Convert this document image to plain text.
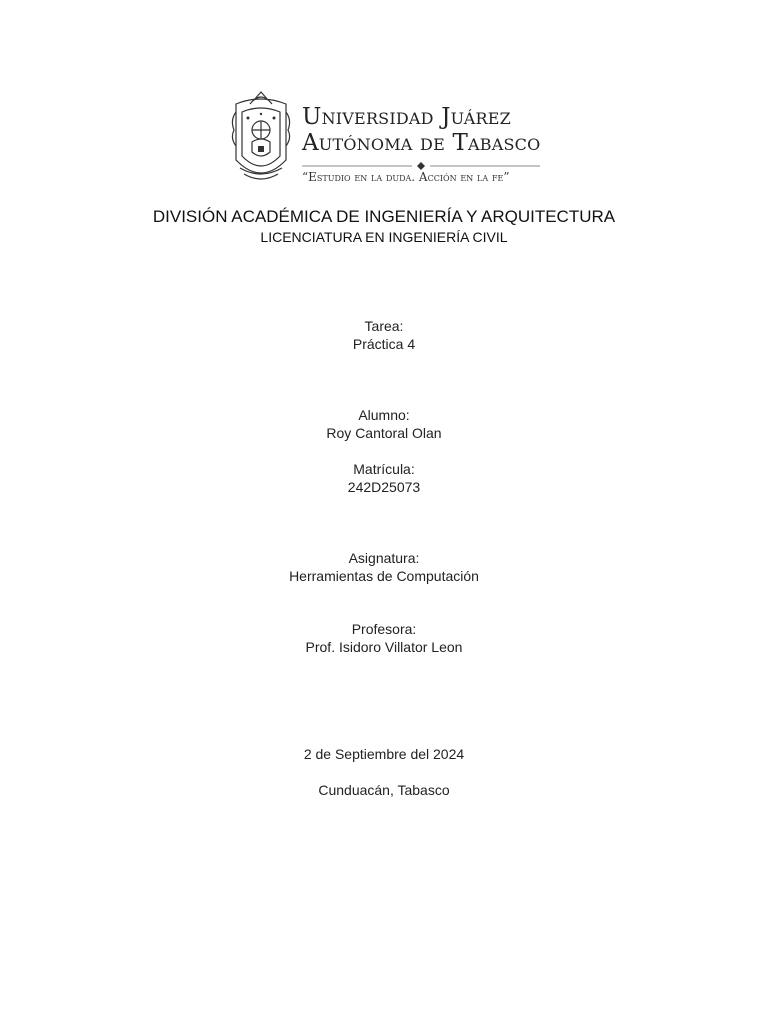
Universidad Juárez
Autónoma de Tabasco
“Estudio en la duda. Acción en la fe”
DIVISIÓN ACADÉMICA DE INGENIERÍA Y ARQUITECTURA
LICENCIATURA EN INGENIERÍA CIVIL
Tarea:
Práctica 4
Alumno:
Roy Cantoral Olan
Matrícula:
242D25073
Asignatura:
Herramientas de Computación
Profesora:
Prof. Isidoro Villator Leon
2 de Septiembre del 2024
Cunduacán, Tabasco
